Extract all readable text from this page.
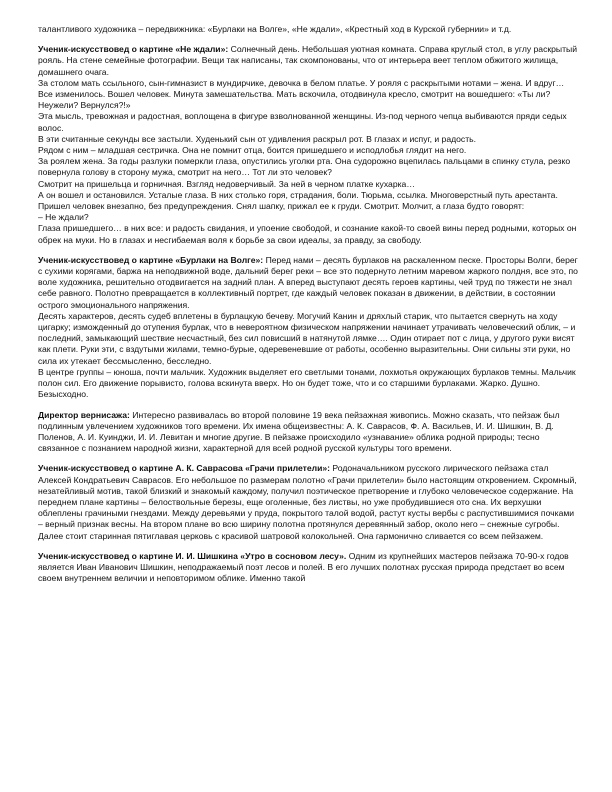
талантливого художника – передвижника: «Бурлаки на Волге», «Не ждали», «Крестный ход в Курской губернии» и т.д.

Ученик-искусствовед о картине «Не ждали»: Солнечный день. Небольшая уютная комната. Справа круглый стол, в углу раскрытый рояль. На стене семейные фотографии. Вещи так написаны, так скомпонованы, что от интерьера веет теплом обжитого жилища, домашнего очага.

За столом мать ссыльного, сын-гимназист в мундирчике, девочка в белом платье. У рояля с раскрытыми нотами – жена. И вдруг…

Все изменилось. Вошел человек. Минута замешательства. Мать вскочила, отодвинула кресло, смотрит на вошедшего: «Ты ли? Неужели? Вернулся?!»

Эта мысль, тревожная и радостная, воплощена в фигуре взволнованной женщины. Из-под черного чепца выбиваются пряди седых волос.

В эти считанные секунды все застыли. Худенький сын от удивления раскрыл рот. В глазах и испуг, и радость.

Рядом с ним – младшая сестричка. Она не помнит отца, боится пришедшего и исподлобья глядит на него.

За роялем жена. За годы разлуки померкли глаза, опустились уголки рта. Она судорожно вцепилась пальцами в спинку стула, резко повернула голову в сторону мужа, смотрит на него… Тот ли это человек?

Смотрит на пришельца и горничная. Взгляд недоверчивый. За ней в черном платке кухарка…

А он вошел и остановился. Усталые глаза. В них столько горя, страдания, боли. Тюрьма, ссылка. Многоверстный путь арестанта. Пришел человек внезапно, без предупреждения. Снял шапку, прижал ее к груди. Смотрит. Молчит, а глаза будто говорят:

– Не ждали?

Глаза пришедшего… в них все: и радость свидания, и упоение свободой, и сознание какой-то своей вины перед родными, которых он обрек на муки. Но в глазах и несгибаемая воля к борьбе за свои идеалы, за правду, за свободу.

Ученик-искусствовед о картине «Бурлаки на Волге»: Перед нами – десять бурлаков на раскаленном песке. Просторы Волги, берег с сухими корягами, баржа на неподвижной воде, дальний берег реки – все это подернуто летним маревом жаркого полдня, все это, по воле художника, решительно отодвигается на задний план. А вперед выступают десять героев картины, чей труд по тяжести не знал себе равного. Полотно превращается в коллективный портрет, где каждый человек показан в движении, в действии, в состоянии острого эмоционального напряжения.

Десять характеров, десять судеб вплетены в бурлацкую бечеву. Могучий Канин и дряхлый старик, что пытается свернуть на ходу цигарку; изможденный до отупения бурлак, что в невероятном физическом напряжении начинает утрачивать человеческий облик, – и последний, замыкающий шествие несчастный, без сил повисший в натянутой лямке…. Один отирает пот с лица, у другого руки висят как плети. Руки эти, с вздутыми жилами, темно-бурые, одеревеневшие от работы, особенно выразительны. Они сильны эти руки, но сила их утекает бессмысленно, бесследно.

В центре группы – юноша, почти мальчик. Художник выделяет его светлыми тонами, лохмотья окружающих бурлаков темны. Мальчик полон сил. Его движение порывисто, голова вскинута вверх. Но он будет тоже, что и со старшими бурлаками. Жарко. Душно. Безысходно.

Директор вернисажа: Интересно развивалась во второй половине 19 века пейзажная живопись. Можно сказать, что пейзаж был подлинным увлечением художников того времени. Их имена общеизвестны: А. К. Саврасов, Ф. А. Васильев, И. И. Шишкин, В. Д. Поленов, А. И. Куинджи, И. И. Левитан и многие другие. В пейзаже происходило «узнавание» облика родной природы; тесно связанное с познанием народной жизни, характерной для всей родной русской культуры того времени.

Ученик-искусствовед о картине А. К. Саврасова «Грачи прилетели»: Родоначальником русского лирического пейзажа стал Алексей Кондратьевич Саврасов. Его небольшое по размерам полотно «Грачи прилетели» было настоящим откровением. Скромный, незатейливый мотив, такой близкий и знакомый каждому, получил поэтическое претворение и глубоко человеческое содержание. На переднем плане картины – белоствольные березы, еще оголенные, без листвы, но уже пробудившиеся ото сна. Их верхушки облеплены грачиными гнездами. Между деревьями у пруда, покрытого талой водой, растут кусты вербы с распустившимися почками – верный признак весны. На втором плане во всю ширину полотна протянулся деревянный забор, около него – снежные сугробы. Далее стоит старинная пятиглавая церковь с красивой шатровой колокольней. Она гармонично сливается со всем пейзажем.

Ученик-искусствовед о картине И. И. Шишкина «Утро в сосновом лесу». Одним из крупнейших мастеров пейзажа 70-90-х годов является Иван Иванович Шишкин, неподражаемый поэт лесов и полей. В его лучших полотнах русская природа предстает во всем своем внутреннем величии и неповторимом облике. Именно такой
